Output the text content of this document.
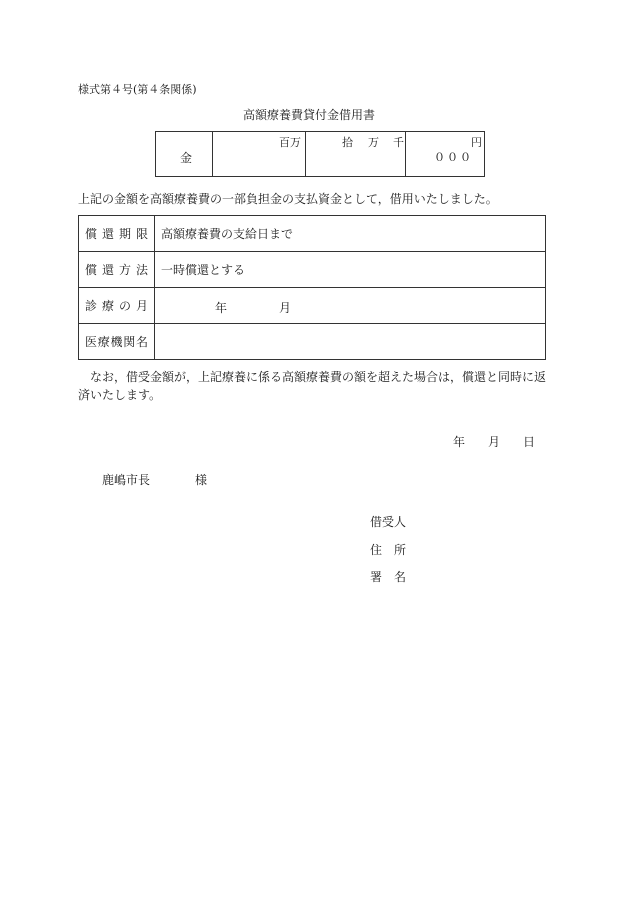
様式第４号(第４条関係)
高額療養費貸付金借用書
金
百万	拾 万 千	円
０００
上記の金額を高額療養費の一部負担金の支払資金として，借用いたしました。
償 還 期 限	高額療養費の支給日まで

償 還 方 法	一時償還とする

診 療 の 月	年 月

医 療 機 関 名	

なお，借受金額が，上記療養に係る高額療養費の額を超えた場合は，償還と同時に返
済いたします。
年 月 日
鹿嶋市長	様
借受人
住　所
署　名
